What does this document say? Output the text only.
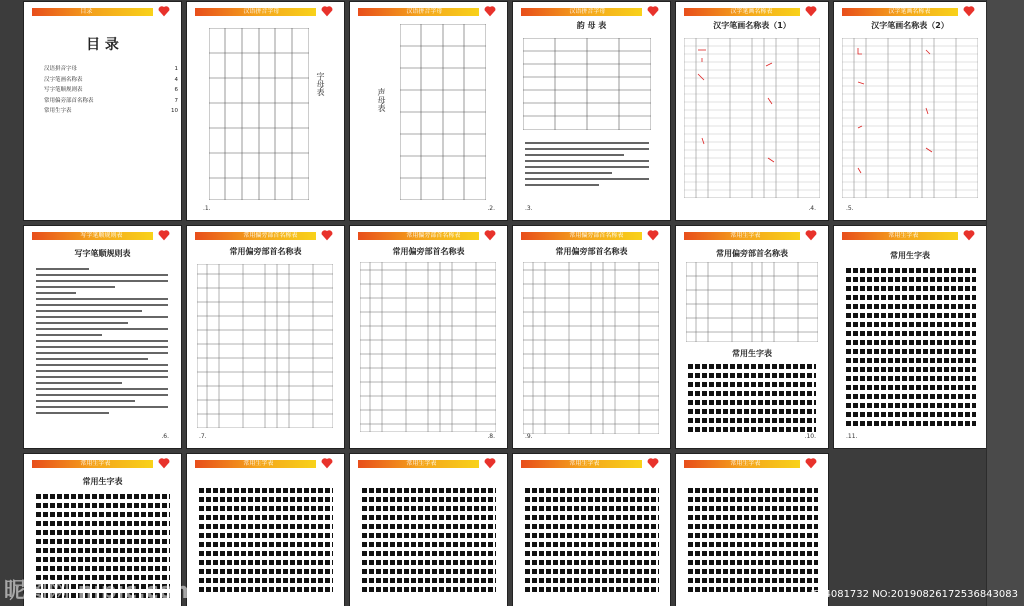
目录
目 录
汉语拼音字母	1
汉字笔画名称表	4
写字笔顺规则表	6
常用偏旁部首名称表	7
常用生字表	10
汉语拼音字母
字母表
.1.
汉语拼音字母
声母表
.2.
汉语拼音字母
韵 母 表
.3.
汉字笔画名称表
汉字笔画名称表（1）
.4.
汉字笔画名称表
汉字笔画名称表（2）
.5.
写字笔顺规则表
写字笔顺规则表
.6.
常用偏旁部首名称表
常用偏旁部首名称表
.7.
常用偏旁部首名称表
常用偏旁部首名称表
.8.
常用偏旁部首名称表
常用偏旁部首名称表
.9.
常用生字表
常用偏旁部首名称表
常用生字表
.10.
常用生字表
常用生字表
.11.
常用生字表
常用生字表
常用生字表	常用生字表	常用生字表	常用生字表
昵图网 nipic.com	ID:4081732 NO:20190826172536843083
